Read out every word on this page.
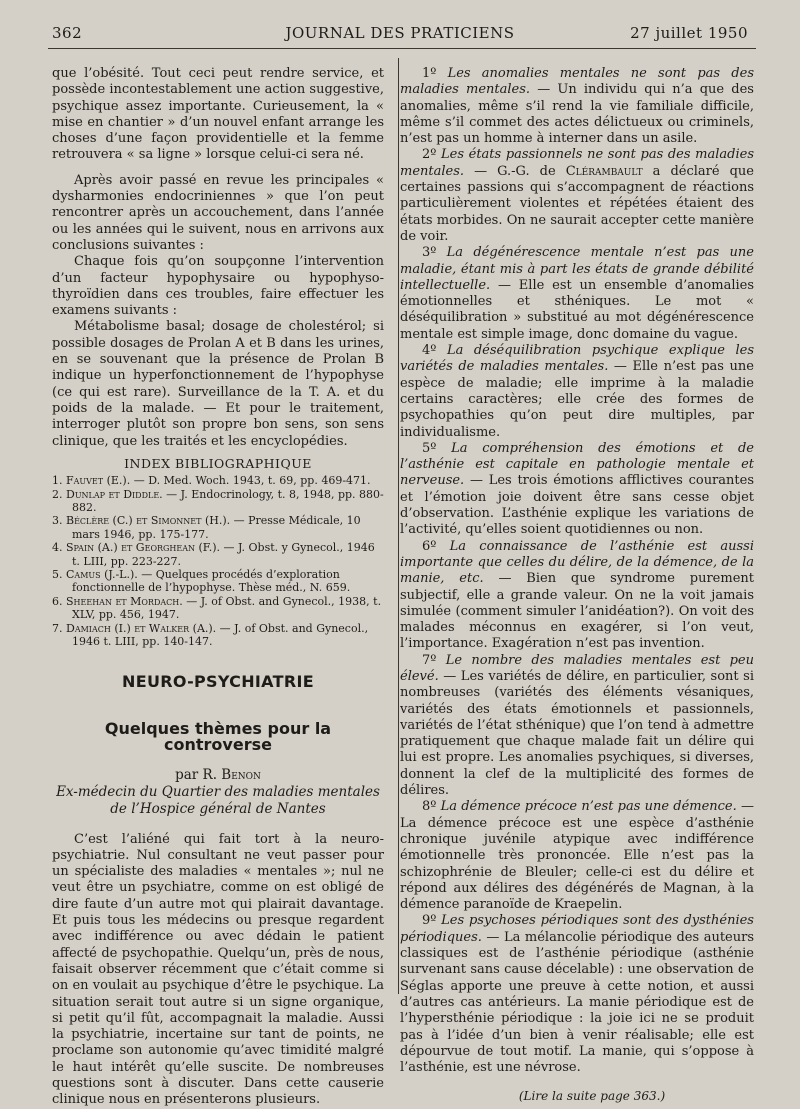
362	JOURNAL DES PRATICIENS	27 juillet 1950

que l’obésité. Tout ceci peut rendre service, et possède incontestablement une action suggestive, psychique assez importante. Curieusement, la « mise en chantier » d’un nouvel enfant arrange les choses d’une façon providentielle et la femme retrouvera « sa ligne » lorsque celui-ci sera né.

Après avoir passé en revue les principales « dysharmonies endocriniennes » que l’on peut rencontrer après un accouchement, dans l’année ou les années qui le suivent, nous en arrivons aux conclusions suivantes :

Chaque fois qu’on soupçonne l’intervention d’un facteur hypophysaire ou hypophyso-thyroïdien dans ces troubles, faire effectuer les examens suivants :

Métabolisme basal; dosage de cholestérol; si possible dosages de Prolan A et B dans les urines, en se souvenant que la présence de Prolan B indique un hyperfonctionnement de l’hypophyse (ce qui est rare). Surveillance de la T. A. et du poids de la malade. — Et pour le traitement, interroger plutôt son propre bon sens, son sens clinique, que les traités et les encyclopédies.

INDEX BIBLIOGRAPHIQUE
1. Fauvet (E.). — D. Med. Woch. 1943, t. 69, pp. 469-471.
2. Dunlap et Diddle. — J. Endocrinology, t. 8, 1948, pp. 880-882.
3. Béclère (C.) et Simonnet (H.). — Presse Médicale, 10 mars 1946, pp. 175-177.
4. Spain (A.) et Georghean (F.). — J. Obst. y Gynecol., 1946 t. LIII, pp. 223-227.
5. Camus (J.-L.). — Quelques procédés d’exploration fonctionnelle de l’hypophyse. Thèse méd., N. 659.
6. Sheehan et Mordach. — J. of Obst. and Gynecol., 1938, t. XLV, pp. 456, 1947.
7. Damiach (I.) et Walker (A.). — J. of Obst. and Gynecol., 1946 t. LIII, pp. 140-147.
NEURO-PSYCHIATRIE
Quelques thèmes pour la controverse
par R. Benon
Ex-médecin du Quartier des maladies mentales
de l’Hospice général de Nantes

C’est l’aliéné qui fait tort à la neuro-psychiatrie. Nul consultant ne veut passer pour un spécialiste des maladies « mentales »; nul ne veut être un psychiatre, comme on est obligé de dire faute d’un autre mot qui plairait davantage. Et puis tous les médecins ou presque regardent avec indifférence ou avec dédain le patient affecté de psychopathie. Quelqu’un, près de nous, faisait observer récemment que c’était comme si on en voulait au psychique d’être le psychique. La situation serait tout autre si un signe organique, si petit qu’il fût, accompagnait la maladie. Aussi la psychiatrie, incertaine sur tant de points, ne proclame son autonomie qu’avec timidité malgré le haut intérêt qu’elle suscite. De nombreuses questions sont à discuter. Dans cette causerie clinique nous en présenterons plusieurs.

1º Les anomalies mentales ne sont pas des maladies mentales. — Un individu qui n’a que des anomalies, même s’il rend la vie familiale difficile, même s’il commet des actes délictueux ou criminels, n’est pas un homme à interner dans un asile.

2º Les états passionnels ne sont pas des maladies mentales. — G.-G. de Clérambault a déclaré que certaines passions qui s’accompagnent de réactions particulièrement violentes et répétées étaient des états morbides. On ne saurait accepter cette manière de voir.

3º La dégénérescence mentale n’est pas une maladie, étant mis à part les états de grande débilité intellectuelle. — Elle est un ensemble d’anomalies émotionnelles et sthéniques. Le mot « déséquilibration » substitué au mot dégénérescence mentale est simple image, donc domaine du vague.

4º La déséquilibration psychique explique les variétés de maladies mentales. — Elle n’est pas une espèce de maladie; elle imprime à la maladie certains caractères; elle crée des formes de psychopathies qu’on peut dire multiples, par individualisme.

5º La compréhension des émotions et de l’asthénie est capitale en pathologie mentale et nerveuse. — Les trois émotions afflictives courantes et l’émotion joie doivent être sans cesse objet d’observation. L’asthénie explique les variations de l’activité, qu’elles soient quotidiennes ou non.

6º La connaissance de l’asthénie est aussi importante que celles du délire, de la démence, de la manie, etc. — Bien que syndrome purement subjectif, elle a grande valeur. On ne la voit jamais simulée (comment simuler l’anidéation?). On voit des malades méconnus en exagérer, si l’on veut, l’importance. Exagération n’est pas invention.

7º Le nombre des maladies mentales est peu élevé. — Les variétés de délire, en particulier, sont si nombreuses (variétés des éléments vésaniques, variétés des états émotionnels et passionnels, variétés de l’état sthénique) que l’on tend à admettre pratiquement que chaque malade fait un délire qui lui est propre. Les anomalies psychiques, si diverses, donnent la clef de la multiplicité des formes de délires.

8º La démence précoce n’est pas une démence. — La démence précoce est une espèce d’asthénie chronique juvénile atypique avec indifférence émotionnelle très prononcée. Elle n’est pas la schizophrénie de Bleuler; celle-ci est du délire et répond aux délires des dégénérés de Magnan, à la démence paranoïde de Kraepelin.

9º Les psychoses périodiques sont des dysthénies périodiques. — La mélancolie périodique des auteurs classiques est de l’asthénie périodique (asthénie survenant sans cause décelable) : une observation de Séglas apporte une preuve à cette notion, et aussi d’autres cas antérieurs. La manie périodique est de l’hypersthénie périodique : la joie ici ne se produit pas à l’idée d’un bien à venir réalisable; elle est dépourvue de tout motif. La manie, qui s’oppose à l’asthénie, est une névrose.

(Lire la suite page 363.)
